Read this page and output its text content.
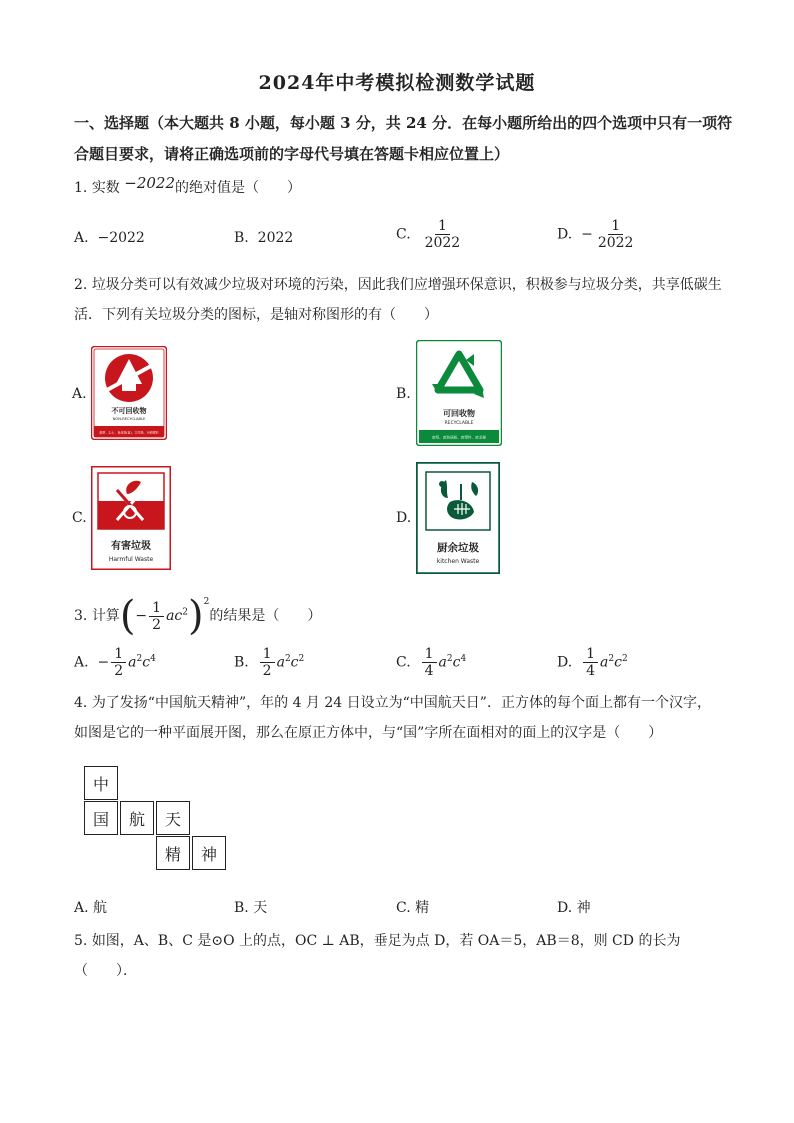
2024年中考模拟检测数学试题
一、选择题（本大题共 8 小题，每小题 3 分，共 24 分．在每小题所给出的四个选项中只有一项符合题目要求，请将正确选项前的字母代号填在答题卡相应位置上）
1. 实数 −2022的绝对值是（　　）
A. −2022	B. 2022	C. $\frac{1}{2022}$	D. − $\frac{1}{2022}$
2. 垃圾分类可以有效减少垃圾对环境的污染，因此我们应增强环保意识，积极参与垃圾分类，共享低碳生
活．下列有关垃圾分类的图标，是轴对称图形的有（　　）
A.
不可回收物
NON-RECYCLABLE
烟蒂、尘土、食品袋(盒)、卫生纸、污损塑料
B.
可回收物
RECYCLABLE
废纸、废玻璃瓶、废塑料、废金属
C.
有害垃圾
Harmful Waste
D.
厨余垃圾
kitchen Waste
3. 计算(− $\frac{1}{2} ac^2)^2$的结果是（　　）
A. − $\frac{1}{2} a^2c^4$	B. $\frac{1}{2} a^2c^2$	C. $\frac{1}{4} a^2c^4$	D. $\frac{1}{4} a^2c^2$
4. 为了发扬“中国航天精神”，年的 4 月 24 日设立为“中国航天日”．正方体的每个面上都有一个汉字，
如图是它的一种平面展开图，那么在原正方体中，与“国”字所在面相对的面上的汉字是（　　）
中
国	航	天
精	神
A. 航	B. 天	C. 精	D. 神
5. 如图，A、B、C 是⊙O 上的点，OC ⊥ AB，垂足为点 D，若 OA＝5，AB＝8，则 CD 的长为
（　　）．
